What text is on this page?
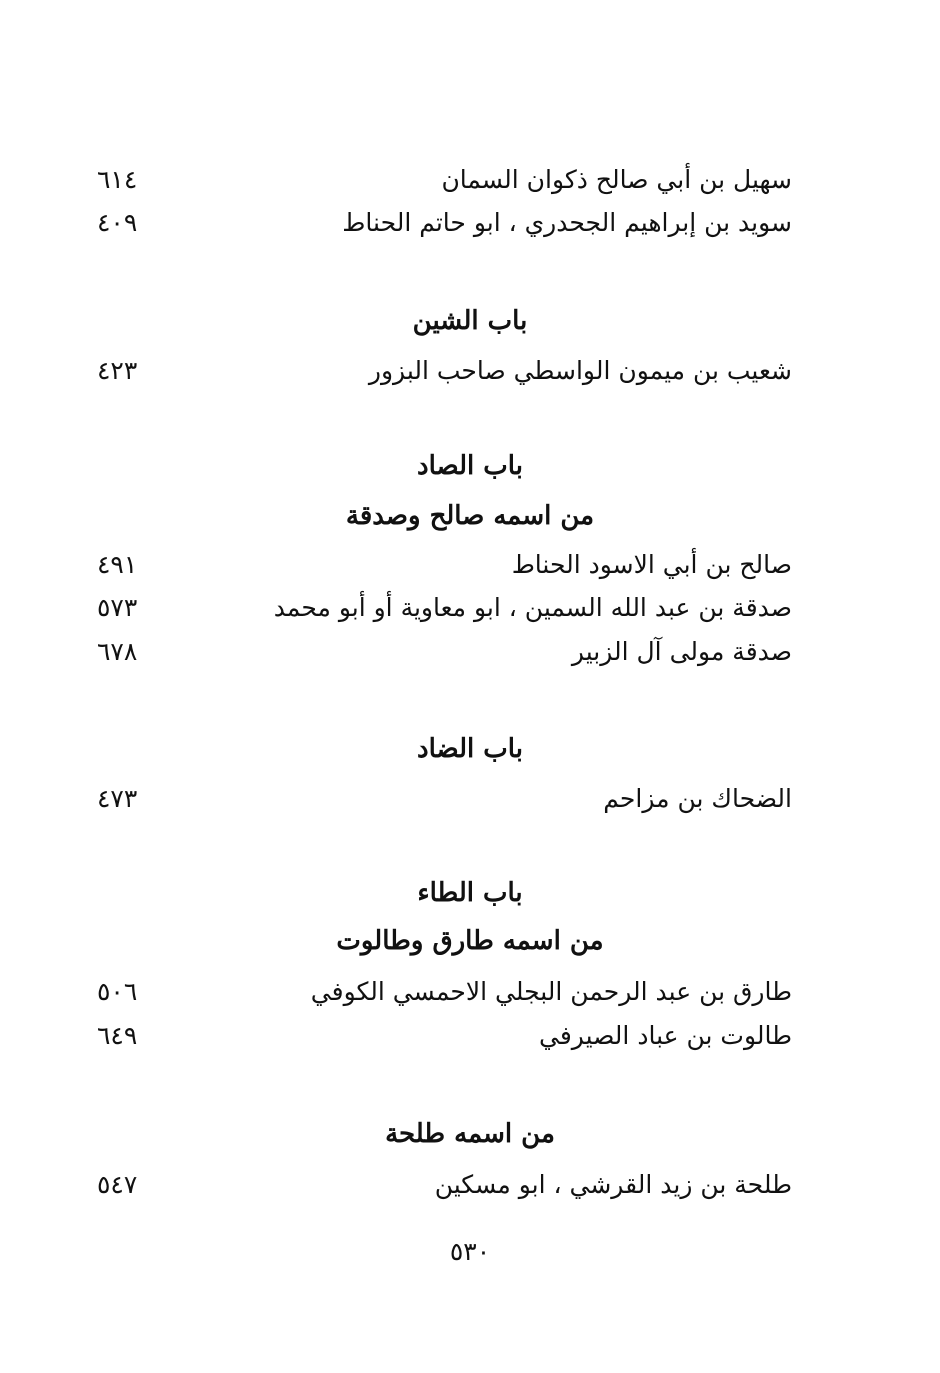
سهيل بن أبي صالح ذكوان السمان
٦١٤
سويد بن إبراهيم الجحدري ، ابو حاتم الحناط
٤٠٩
باب الشين
شعيب بن ميمون الواسطي صاحب البزور
٤٢٣
باب الصاد
من اسمه صالح وصدقة
صالح بن أبي الاسود الحناط
٤٩١
صدقة بن عبد الله السمين ، ابو معاوية أو أبو محمد
٥٧٣
صدقة مولى آل الزبير
٦٧٨
باب الضاد
الضحاك بن مزاحم
٤٧٣
باب الطاء
من اسمه طارق وطالوت
طارق بن عبد الرحمن البجلي الاحمسي الكوفي
٥٠٦
طالوت بن عباد الصيرفي
٦٤٩
من اسمه طلحة
طلحة بن زيد القرشي ، ابو مسكين
٥٤٧
٥٣٠
